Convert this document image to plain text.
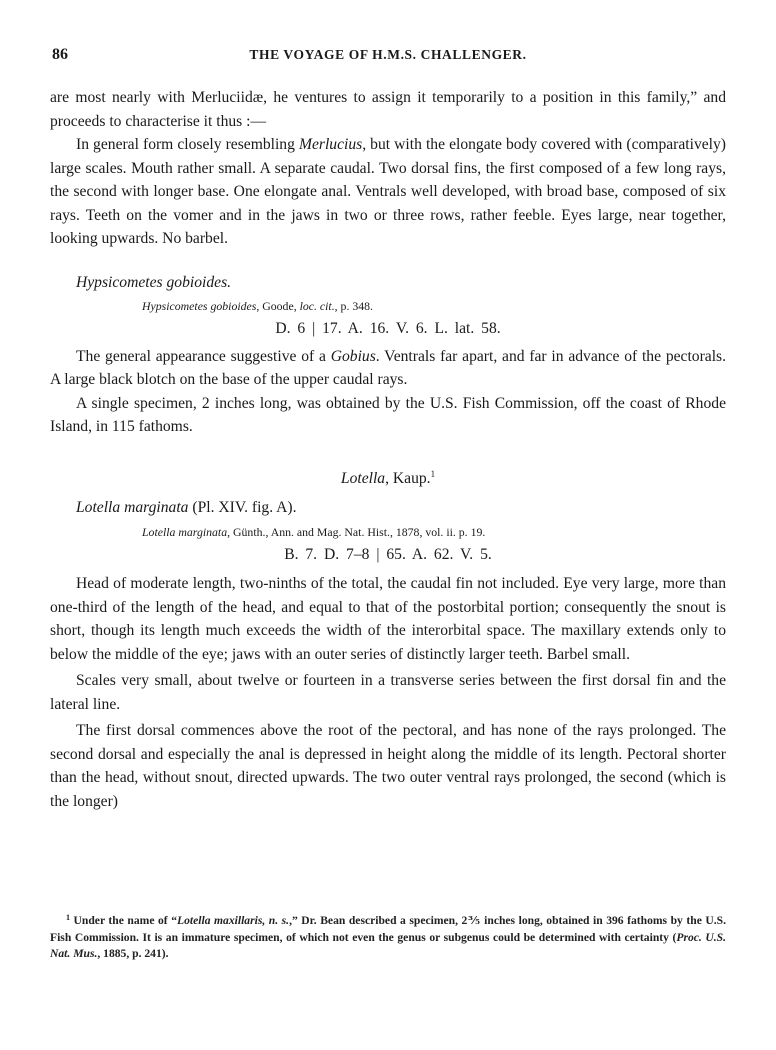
86	THE VOYAGE OF H.M.S. CHALLENGER.

are most nearly with Merluciidæ, he ventures to assign it temporarily to a position in this family,” and proceeds to characterise it thus :—

In general form closely resembling Merlucius, but with the elongate body covered with (comparatively) large scales. Mouth rather small. A separate caudal. Two dorsal fins, the first composed of a few long rays, the second with longer base. One elongate anal. Ventrals well developed, with broad base, composed of six rays. Teeth on the vomer and in the jaws in two or three rows, rather feeble. Eyes large, near together, looking upwards. No barbel.

Hypsicometes gobioides.

Hypsicometes gobioides, Goode, loc. cit., p. 348.

D. 6 | 17. A. 16. V. 6. L. lat. 58.

The general appearance suggestive of a Gobius. Ventrals far apart, and far in advance of the pectorals. A large black blotch on the base of the upper caudal rays.

A single specimen, 2 inches long, was obtained by the U.S. Fish Commission, off the coast of Rhode Island, in 115 fathoms.

Lotella, Kaup.$^1$

Lotella marginata (Pl. XIV. fig. A).

Lotella marginata, Günth., Ann. and Mag. Nat. Hist., 1878, vol. ii. p. 19.

B. 7. D. 7–8 | 65. A. 62. V. 5.

Head of moderate length, two-ninths of the total, the caudal fin not included. Eye very large, more than one-third of the length of the head, and equal to that of the postorbital portion; consequently the snout is short, though its length much exceeds the width of the interorbital space. The maxillary extends only to below the middle of the eye; jaws with an outer series of distinctly larger teeth. Barbel small.

Scales very small, about twelve or fourteen in a transverse series between the first dorsal fin and the lateral line.

The first dorsal commences above the root of the pectoral, and has none of the rays prolonged. The second dorsal and especially the anal is depressed in height along the middle of its length. Pectoral shorter than the head, without snout, directed upwards. The two outer ventral rays prolonged, the second (which is the longer)

$^1$ Under the name of “Lotella maxillaris, n. s.,” Dr. Bean described a specimen, 2⅗ inches long, obtained in 396 fathoms by the U.S. Fish Commission. It is an immature specimen, of which not even the genus or subgenus could be determined with certainty (Proc. U.S. Nat. Mus., 1885, p. 241).
